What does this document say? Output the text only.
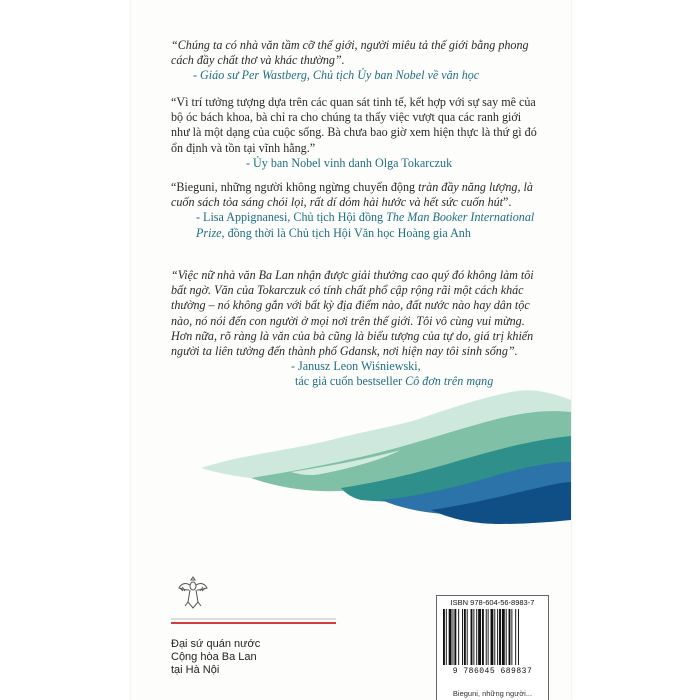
“Chúng ta có nhà văn tầm cỡ thế giới, người miêu tả thế giới bằng phong cách đầy chất thơ và khác thường”.

- Giáo sư Per Wastberg, Chủ tịch Ủy ban Nobel về văn học

“Vì trí tưởng tượng dựa trên các quan sát tinh tế, kết hợp với sự say mê của bộ óc bách khoa, bà chỉ ra cho chúng ta thấy việc vượt qua các ranh giới như là một dạng của cuộc sống. Bà chưa bao giờ xem hiện thực là thứ gì đó ổn định và tồn tại vĩnh hằng.”

- Ủy ban Nobel vinh danh Olga Tokarczuk

“Bieguni, những người không ngừng chuyển động tràn đầy năng lượng, là cuốn sách tỏa sáng chói lọi, rất dí dỏm hài hước và hết sức cuốn hút”.

- Lisa Appignanesi, Chủ tịch Hội đồng The Man Booker International Prize, đồng thời là Chủ tịch Hội Văn học Hoàng gia Anh

“Việc nữ nhà văn Ba Lan nhận được giải thưởng cao quý đó không làm tôi bất ngờ. Văn của Tokarczuk có tính chất phổ cập rộng rãi một cách khác thường – nó không gắn với bất kỳ địa điểm nào, đất nước nào hay dân tộc nào, nó nói đến con người ở mọi nơi trên thế giới. Tôi vô cùng vui mừng. Hơn nữa, rõ ràng là văn của bà cũng là biểu tượng của tự do, giá trị khiến người ta liên tưởng đến thành phố Gdansk, nơi hiện nay tôi sinh sống”.

- Janusz Leon Wiśniewski,

tác giả cuốn bestseller Cô đơn trên mạng

Đại sứ quán nước
Cộng hòa Ba Lan
tại Hà Nội
ISBN 978-604-56-8983-7
9 786045 689837
Bieguni, những người...
